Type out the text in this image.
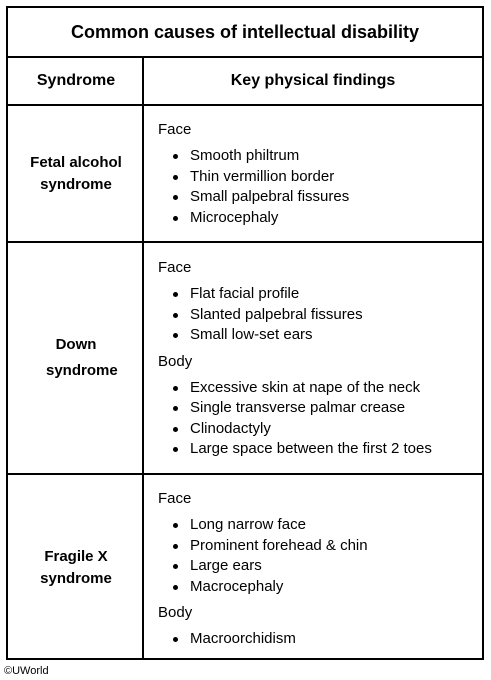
Common causes of intellectual disability
Syndrome	Key physical findings
Fetal alcohol syndrome
Face
Smooth philtrum
Thin vermillion border
Small palpebral fissures
Microcephaly
Down syndrome
Face
Flat facial profile
Slanted palpebral fissures
Small low-set ears
Body
Excessive skin at nape of the neck
Single transverse palmar crease
Clinodactyly
Large space between the first 2 toes
Fragile X syndrome
Face
Long narrow face
Prominent forehead & chin
Large ears
Macrocephaly
Body
Macroorchidism
©UWorld
